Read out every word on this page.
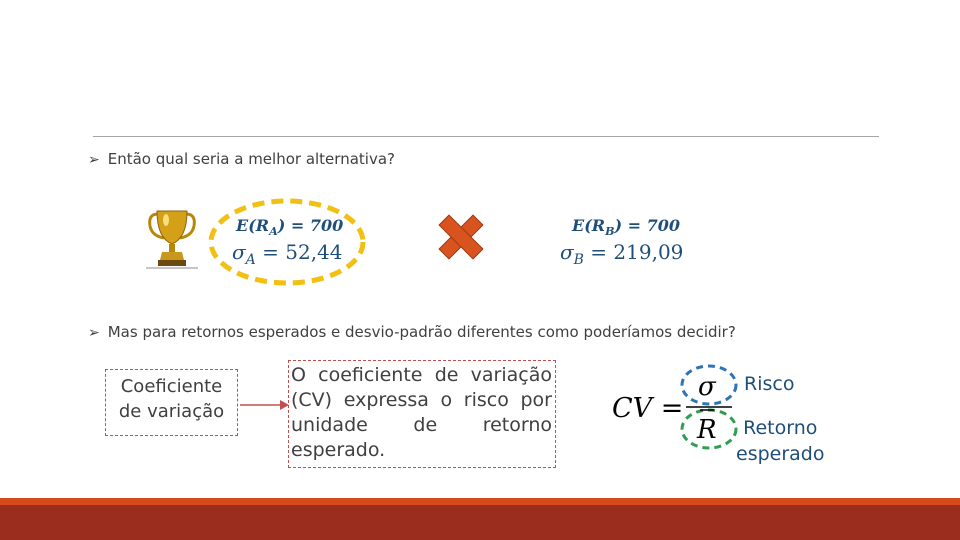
➢ Então qual seria a melhor alternativa?
$E(R_A) = 700$
$\sigma_A = 52,44$
$E(R_B) = 700$
$\sigma_B = 219,09$
➢ Mas para retornos esperados e desvio-padrão diferentes como poderíamos decidir?
Coeficiente
de variação
O coeficiente de variação (CV) expressa o risco por unidade de retorno esperado.
CV =
σ
R
Risco
Retorno
esperado
